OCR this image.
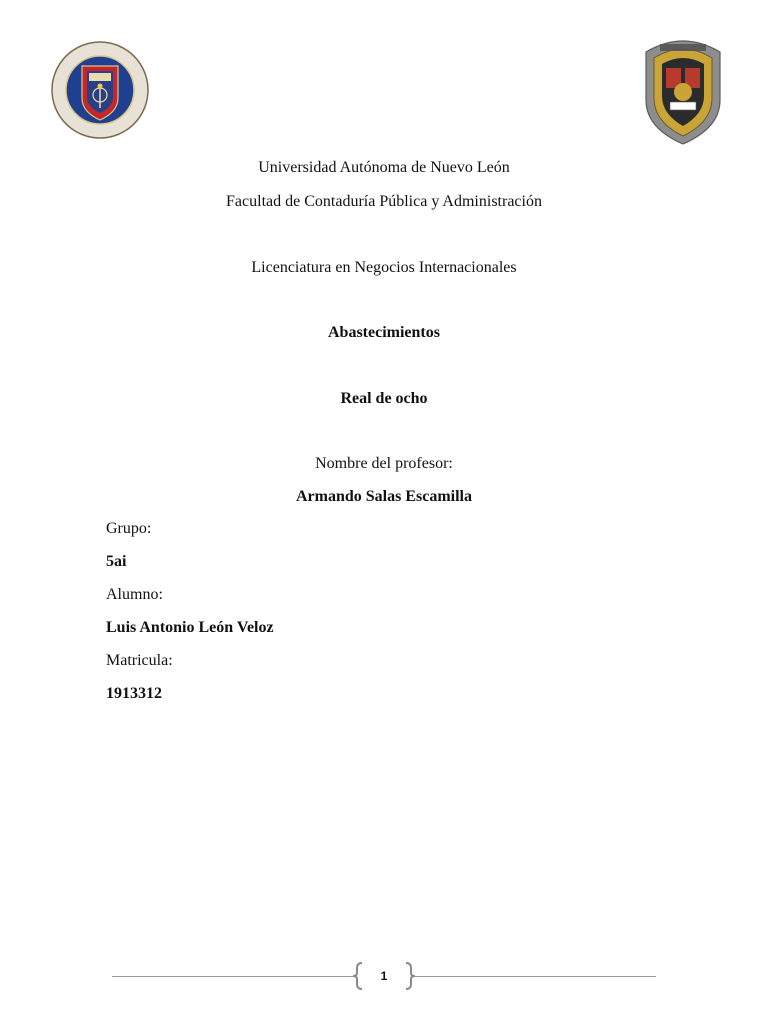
Universidad Autónoma de Nuevo León
Facultad de Contaduría Pública y Administración
Licenciatura en Negocios Internacionales
Abastecimientos
Real de ocho
Nombre del profesor:
Armando Salas Escamilla
Grupo:
5ai
Alumno:
Luis Antonio León Veloz
Matricula:
1913312
1
